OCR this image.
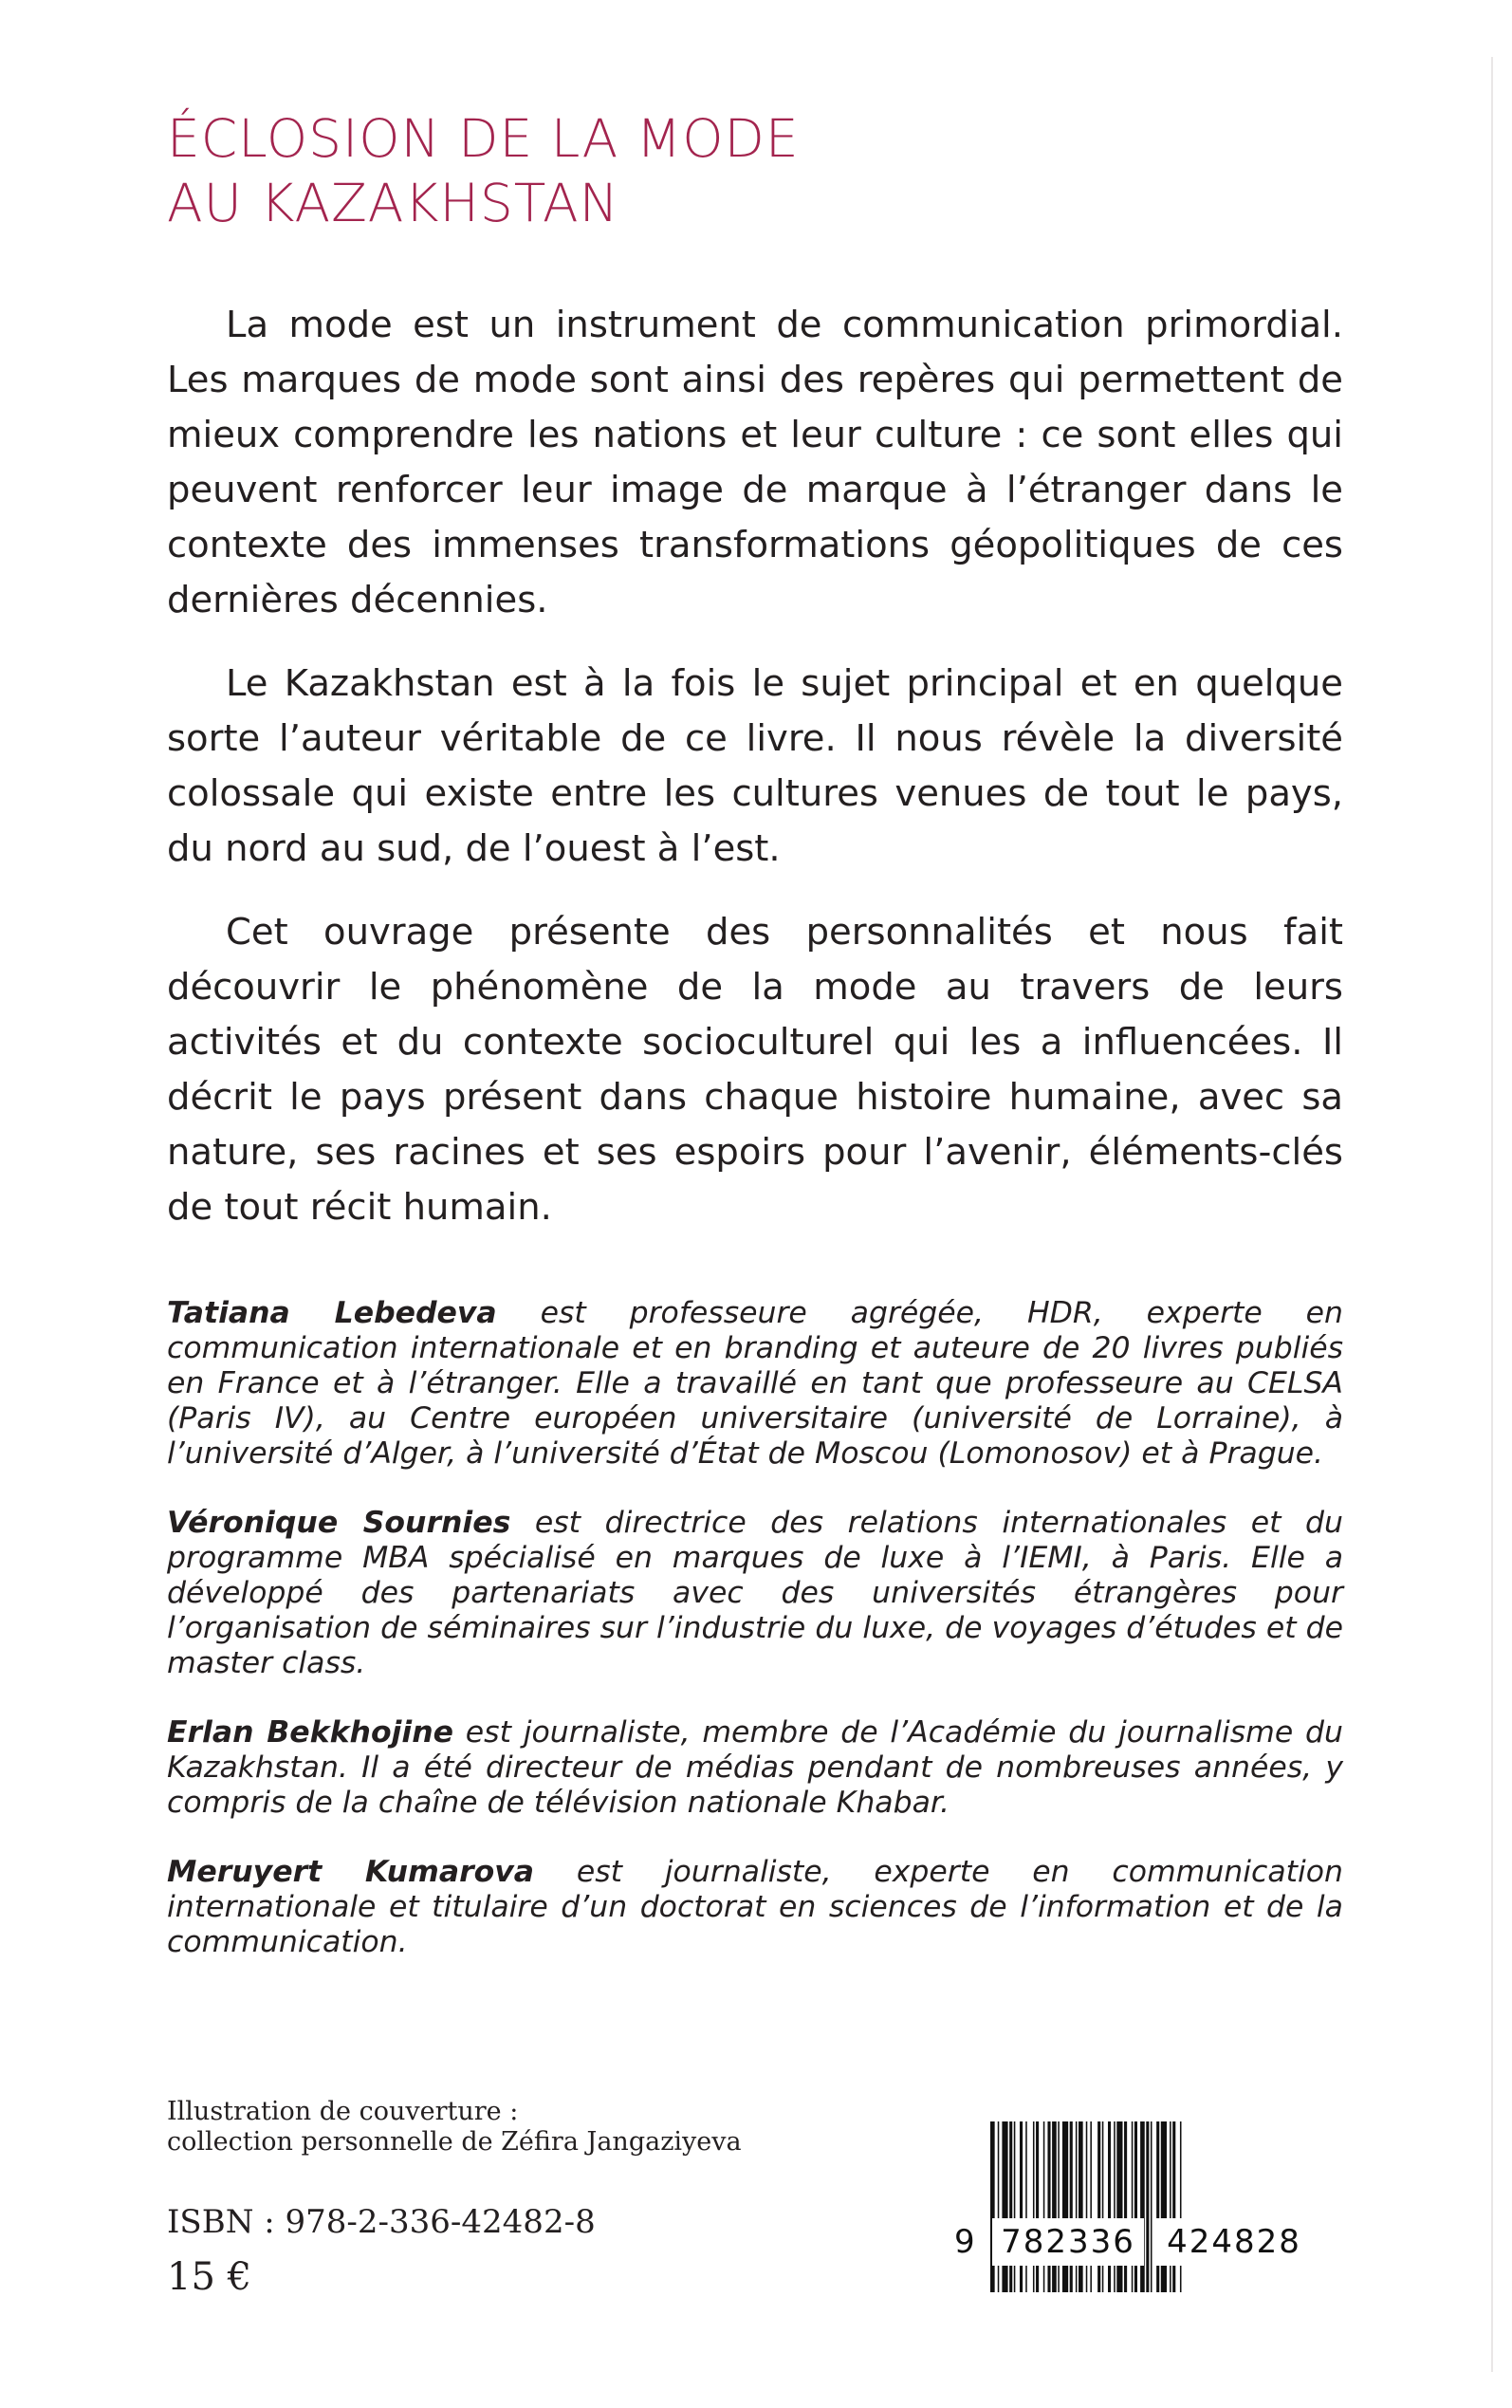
ÉCLOSION DE LA MODE
AU KAZAKHSTAN

La mode est un instrument de communication primordial. Les marques de mode sont ainsi des repères qui permettent de mieux comprendre les nations et leur culture : ce sont elles qui peuvent renforcer leur image de marque à l’étranger dans le contexte des immenses transformations géopolitiques de ces dernières décennies.

Le Kazakhstan est à la fois le sujet principal et en quelque sorte l’auteur véritable de ce livre. Il nous révèle la diversité colossale qui existe entre les cultures venues de tout le pays, du nord au sud, de l’ouest à l’est.

Cet ouvrage présente des personnalités et nous fait découvrir le phénomène de la mode au travers de leurs activités et du contexte socioculturel qui les a influencées. Il décrit le pays présent dans chaque histoire humaine, avec sa nature, ses racines et ses espoirs pour l’avenir, éléments-clés de tout récit humain.

Tatiana Lebedeva est professeure agrégée, HDR, experte en communication internationale et en branding et auteure de 20 livres publiés en France et à l’étranger. Elle a travaillé en tant que professeure au CELSA (Paris IV), au Centre européen universitaire (université de Lorraine), à l’université d’Alger, à l’université d’État de Moscou (Lomonosov) et à Prague.

Véronique Sournies est directrice des relations internationales et du programme MBA spécialisé en marques de luxe à l’IEMI, à Paris. Elle a développé des partenariats avec des universités étrangères pour l’organisation de séminaires sur l’industrie du luxe, de voyages d’études et de master class.

Erlan Bekkhojine est journaliste, membre de l’Académie du journalisme du Kazakhstan. Il a été directeur de médias pendant de nombreuses années, y compris de la chaîne de télévision nationale Khabar.

Meruyert Kumarova est journaliste, experte en communication internationale et titulaire d’un doctorat en sciences de l’information et de la communication.

Illustration de couverture :
collection personnelle de Zéfira Jangaziyeva
ISBN : 978-2-336-42482-8
15 €
9 782336 424828
